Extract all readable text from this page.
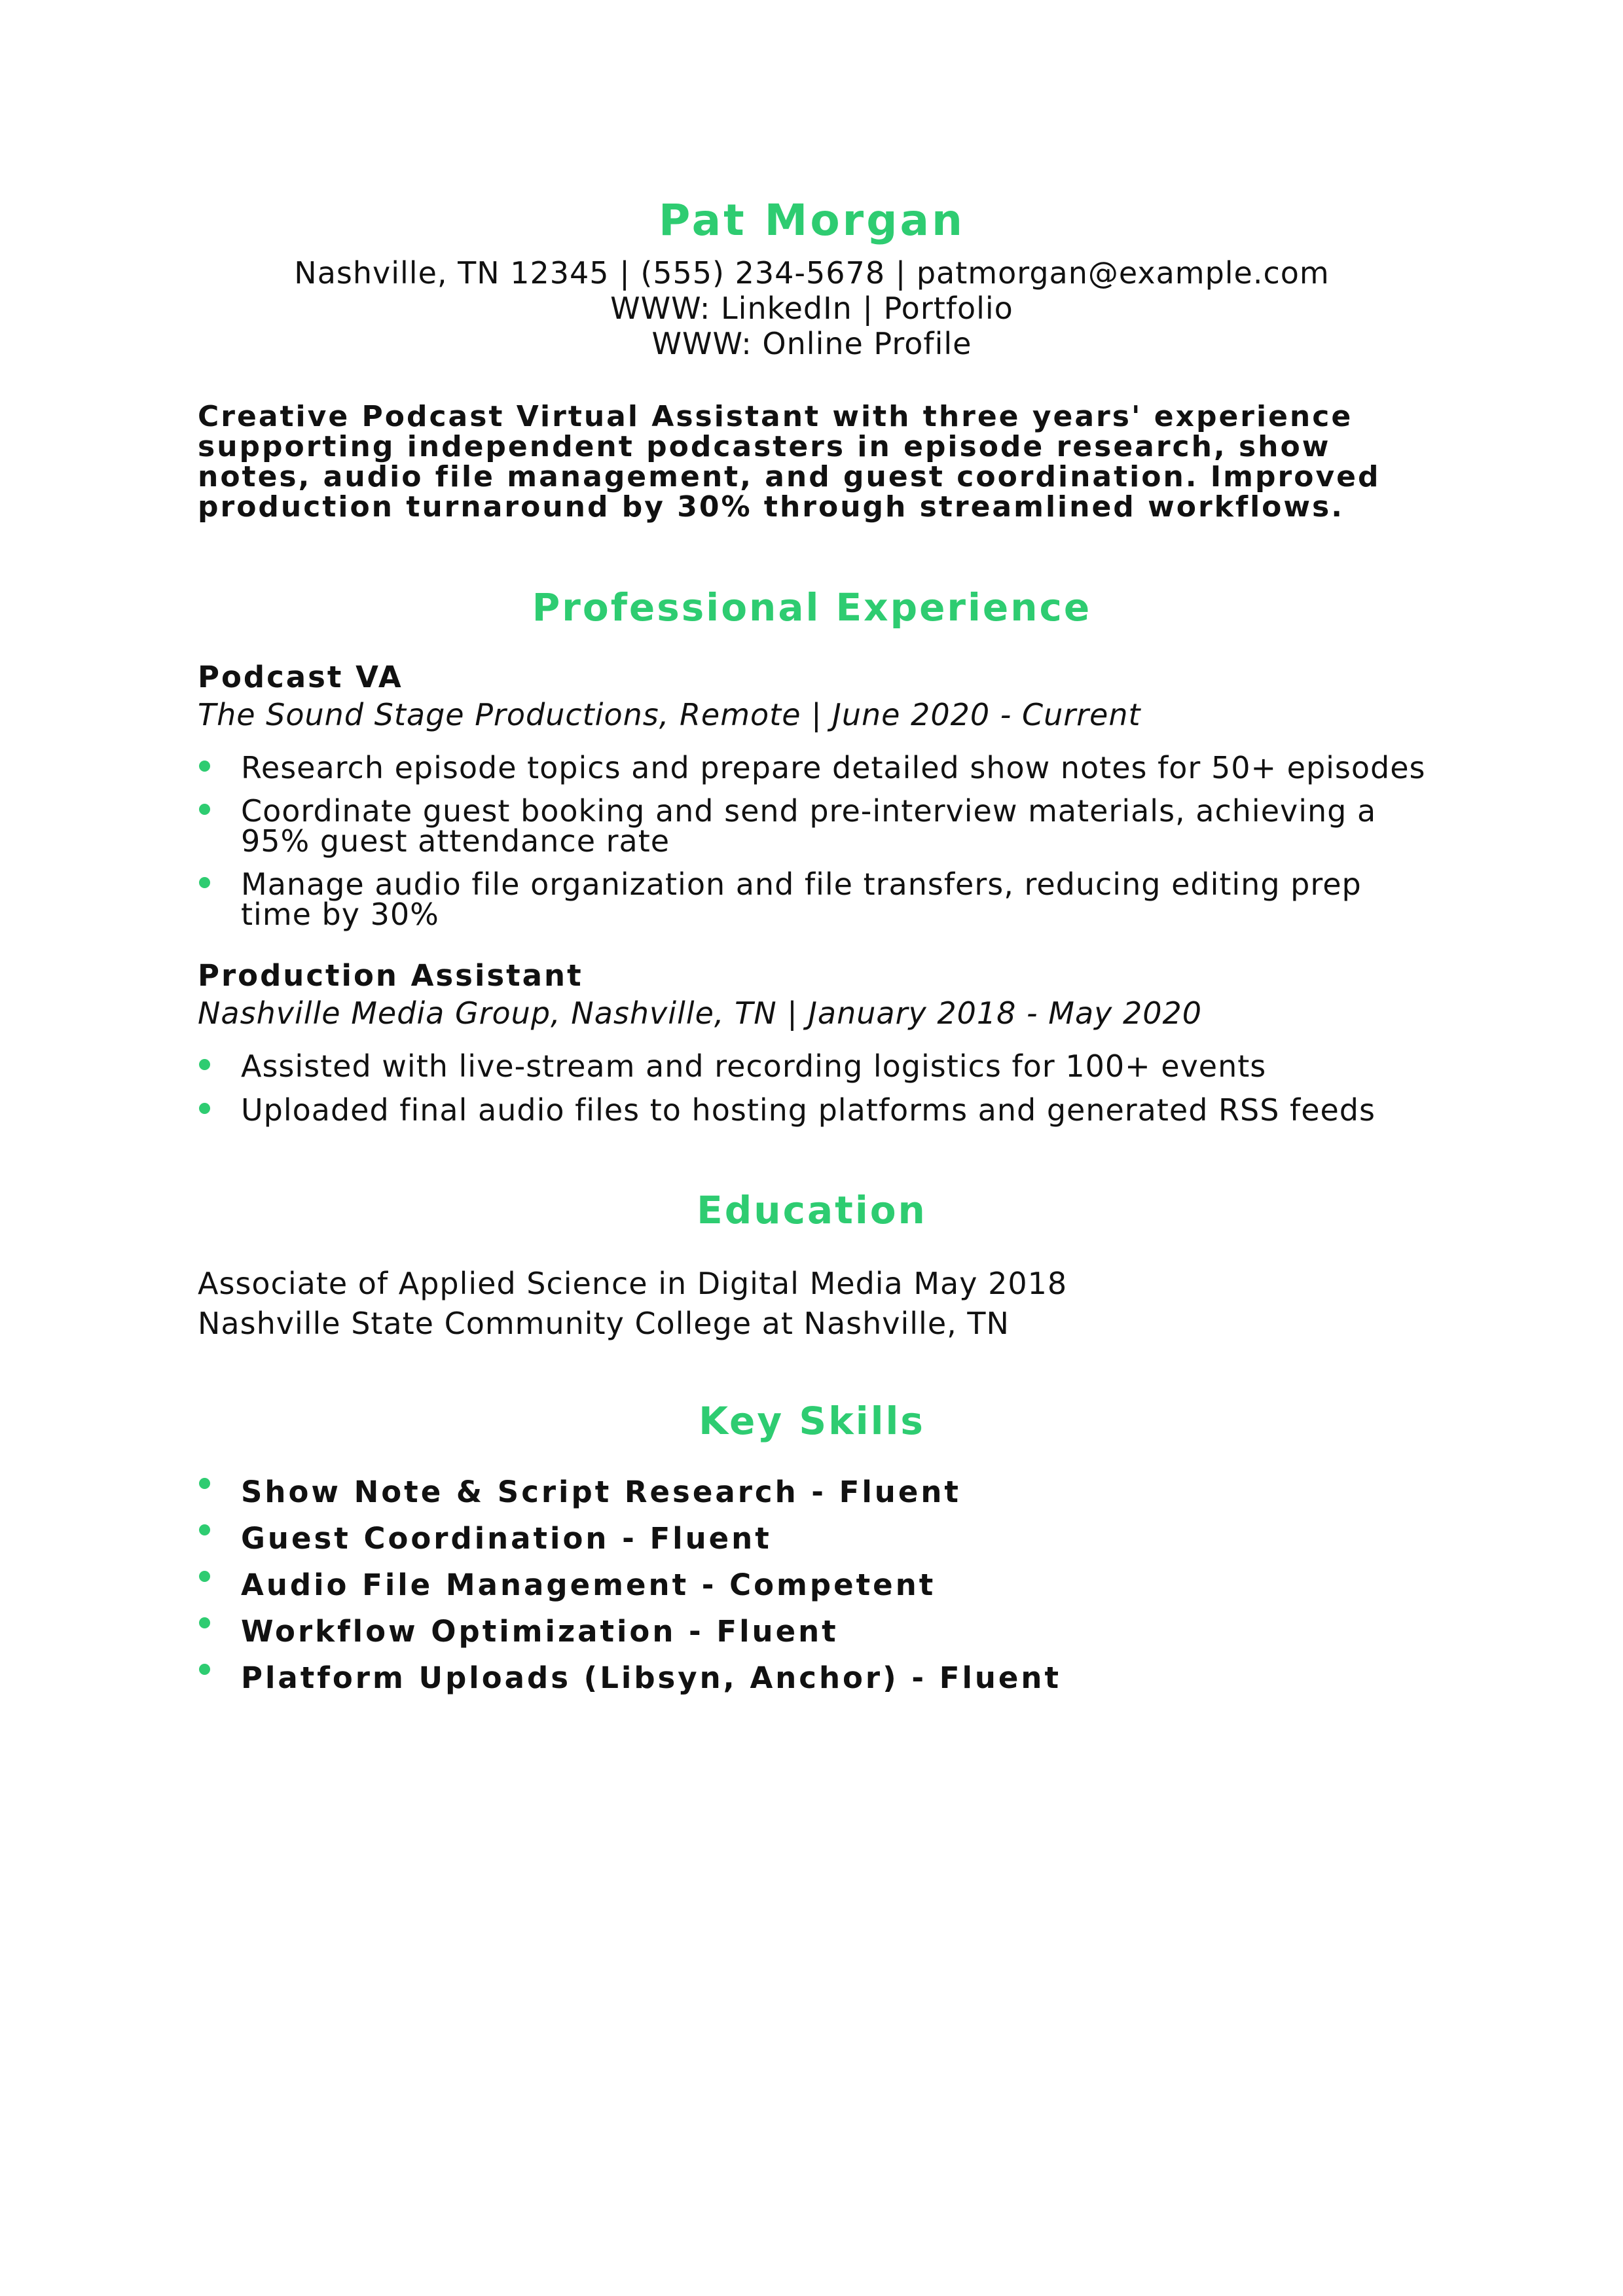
Pat Morgan
Nashville, TN 12345 | (555) 234-5678 | patmorgan@example.com
WWW: LinkedIn | Portfolio
WWW: Online Profile
Creative Podcast Virtual Assistant with three years' experience supporting independent podcasters in episode research, show notes, audio file management, and guest coordination. Improved production turnaround by 30% through streamlined workflows.
Professional Experience
Podcast VA
The Sound Stage Productions, Remote | June 2020 - Current
Research episode topics and prepare detailed show notes for 50+ episodes
Coordinate guest booking and send pre-interview materials, achieving a 95% guest attendance rate
Manage audio file organization and file transfers, reducing editing prep time by 30%
Production Assistant
Nashville Media Group, Nashville, TN | January 2018 - May 2020
Assisted with live-stream and recording logistics for 100+ events
Uploaded final audio files to hosting platforms and generated RSS feeds
Education
Associate of Applied Science in Digital Media May 2018
Nashville State Community College at Nashville, TN
Key Skills
Show Note & Script Research - Fluent
Guest Coordination - Fluent
Audio File Management - Competent
Workflow Optimization - Fluent
Platform Uploads (Libsyn, Anchor) - Fluent
